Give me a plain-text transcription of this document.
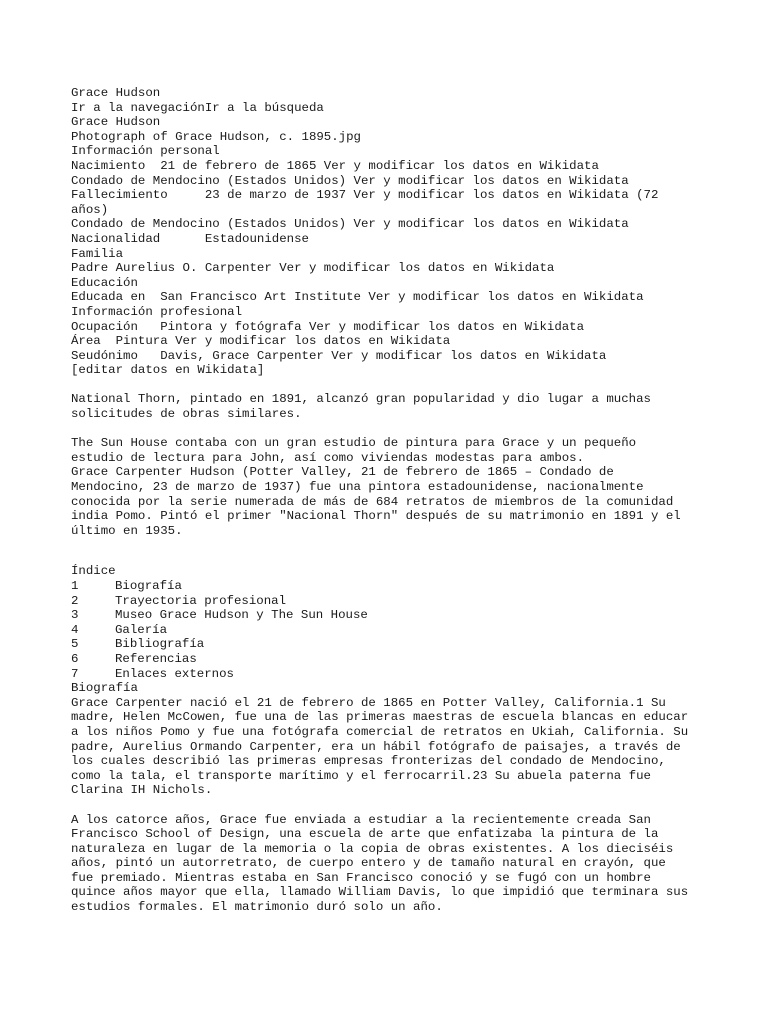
Grace Hudson
Ir a la navegaciónIr a la búsqueda
Grace Hudson
Photograph of Grace Hudson, c. 1895.jpg
Información personal
Nacimiento  21 de febrero de 1865 Ver y modificar los datos en Wikidata
Condado de Mendocino (Estados Unidos) Ver y modificar los datos en Wikidata
Fallecimiento     23 de marzo de 1937 Ver y modificar los datos en Wikidata (72
años)
Condado de Mendocino (Estados Unidos) Ver y modificar los datos en Wikidata
Nacionalidad      Estadounidense
Familia
Padre Aurelius O. Carpenter Ver y modificar los datos en Wikidata
Educación
Educada en  San Francisco Art Institute Ver y modificar los datos en Wikidata
Información profesional
Ocupación   Pintora y fotógrafa Ver y modificar los datos en Wikidata
Área  Pintura Ver y modificar los datos en Wikidata
Seudónimo   Davis, Grace Carpenter Ver y modificar los datos en Wikidata
[editar datos en Wikidata]
National Thorn, pintado en 1891, alcanzó gran popularidad y dio lugar a muchas
solicitudes de obras similares.
The Sun House contaba con un gran estudio de pintura para Grace y un pequeño
estudio de lectura para John, así como viviendas modestas para ambos.
Grace Carpenter Hudson (Potter Valley, 21 de febrero de 1865 – Condado de
Mendocino, 23 de marzo de 1937) fue una pintora estadounidense, nacionalmente
conocida por la serie numerada de más de 684 retratos de miembros de la comunidad
india Pomo. Pintó el primer "Nacional Thorn" después de su matrimonio en 1891 y el
último en 1935.
Índice
1	Biografía
2	Trayectoria profesional
3	Museo Grace Hudson y The Sun House
4	Galería
5	Bibliografía
6	Referencias
7	Enlaces externos
Biografía
Grace Carpenter nació el 21 de febrero de 1865 en Potter Valley, California.1 Su
madre, Helen McCowen, fue una de las primeras maestras de escuela blancas en educar
a los niños Pomo y fue una fotógrafa comercial de retratos en Ukiah, California. Su
padre, Aurelius Ormando Carpenter, era un hábil fotógrafo de paisajes, a través de
los cuales describió las primeras empresas fronterizas del condado de Mendocino,
como la tala, el transporte marítimo y el ferrocarril.23 Su abuela paterna fue
Clarina IH Nichols.
A los catorce años, Grace fue enviada a estudiar a la recientemente creada San
Francisco School of Design, una escuela de arte que enfatizaba la pintura de la
naturaleza en lugar de la memoria o la copia de obras existentes. A los dieciséis
años, pintó un autorretrato, de cuerpo entero y de tamaño natural en crayón, que
fue premiado. Mientras estaba en San Francisco conoció y se fugó con un hombre
quince años mayor que ella, llamado William Davis, lo que impidió que terminara sus
estudios formales. El matrimonio duró solo un año.
